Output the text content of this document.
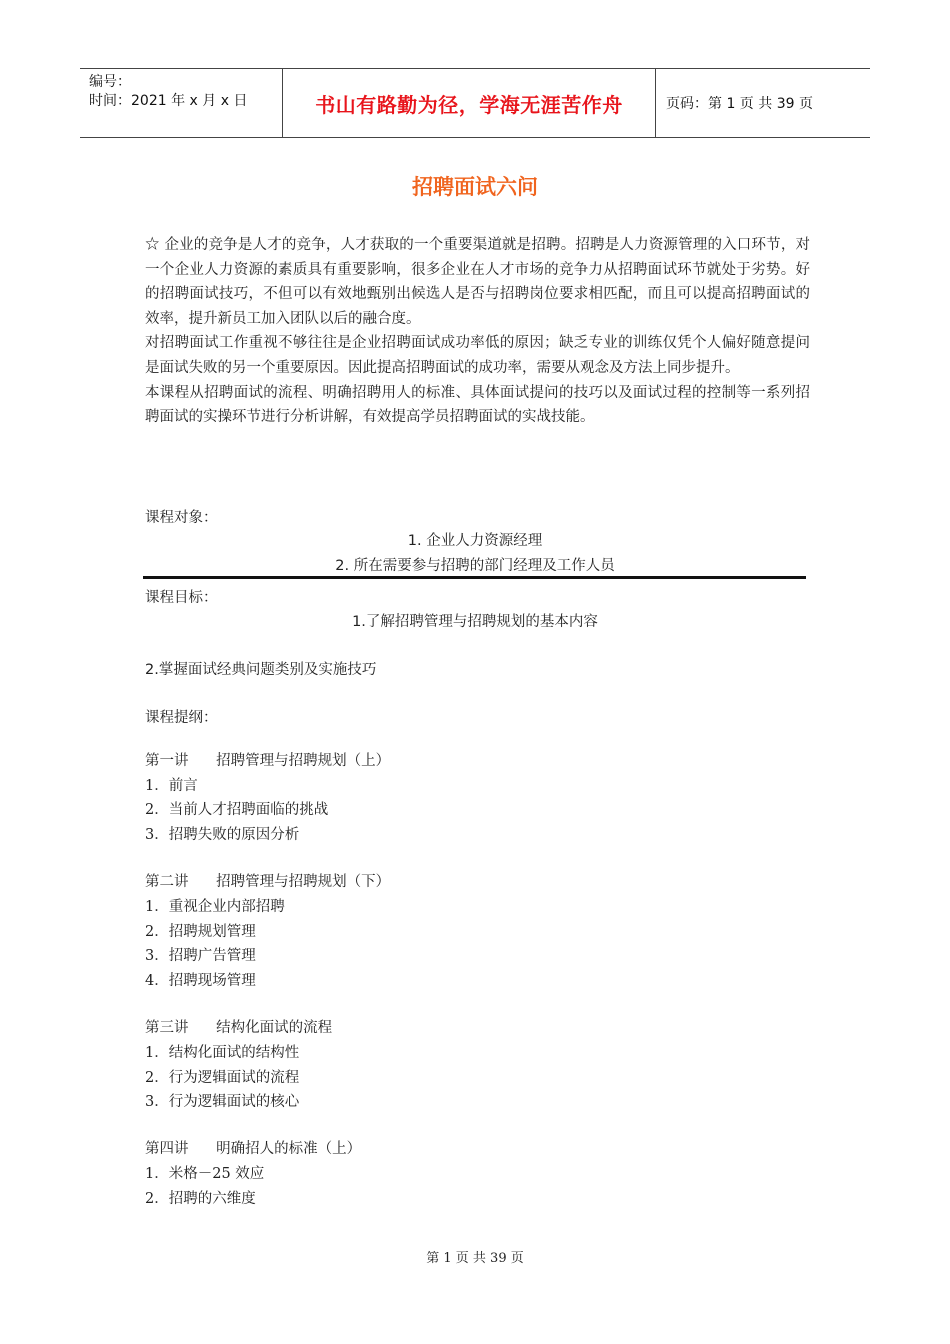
编号：
时间：2021 年 x 月 x 日	书山有路勤为径，学海无涯苦作舟	页码：第 1 页 共 39 页
招聘面试六问

☆ 企业的竞争是人才的竞争，人才获取的一个重要渠道就是招聘。招聘是人力资源管理的入口环节，对一个企业人力资源的素质具有重要影响，很多企业在人才市场的竞争力从招聘面试环节就处于劣势。好的招聘面试技巧，不但可以有效地甄别出候选人是否与招聘岗位要求相匹配，而且可以提高招聘面试的效率，提升新员工加入团队以后的融合度。

对招聘面试工作重视不够往往是企业招聘面试成功率低的原因；缺乏专业的训练仅凭个人偏好随意提问是面试失败的另一个重要原因。因此提高招聘面试的成功率，需要从观念及方法上同步提升。

本课程从招聘面试的流程、明确招聘用人的标准、具体面试提问的技巧以及面试过程的控制等一系列招聘面试的实操环节进行分析讲解，有效提高学员招聘面试的实战技能。

课程对象：
1. 企业人力资源经理
2. 所在需要参与招聘的部门经理及工作人员
课程目标：
1.了解招聘管理与招聘规划的基本内容
2.掌握面试经典问题类别及实施技巧
课程提纲：
第一讲      招聘管理与招聘规划（上）
1．前言
2．当前人才招聘面临的挑战
3．招聘失败的原因分析
第二讲      招聘管理与招聘规划（下）
1．重视企业内部招聘
2．招聘规划管理
3．招聘广告管理
4．招聘现场管理
第三讲      结构化面试的流程
1．结构化面试的结构性
2．行为逻辑面试的流程
3．行为逻辑面试的核心
第四讲      明确招人的标准（上）
1．米格－25 效应
2．招聘的六维度
第 1 页 共 39 页
